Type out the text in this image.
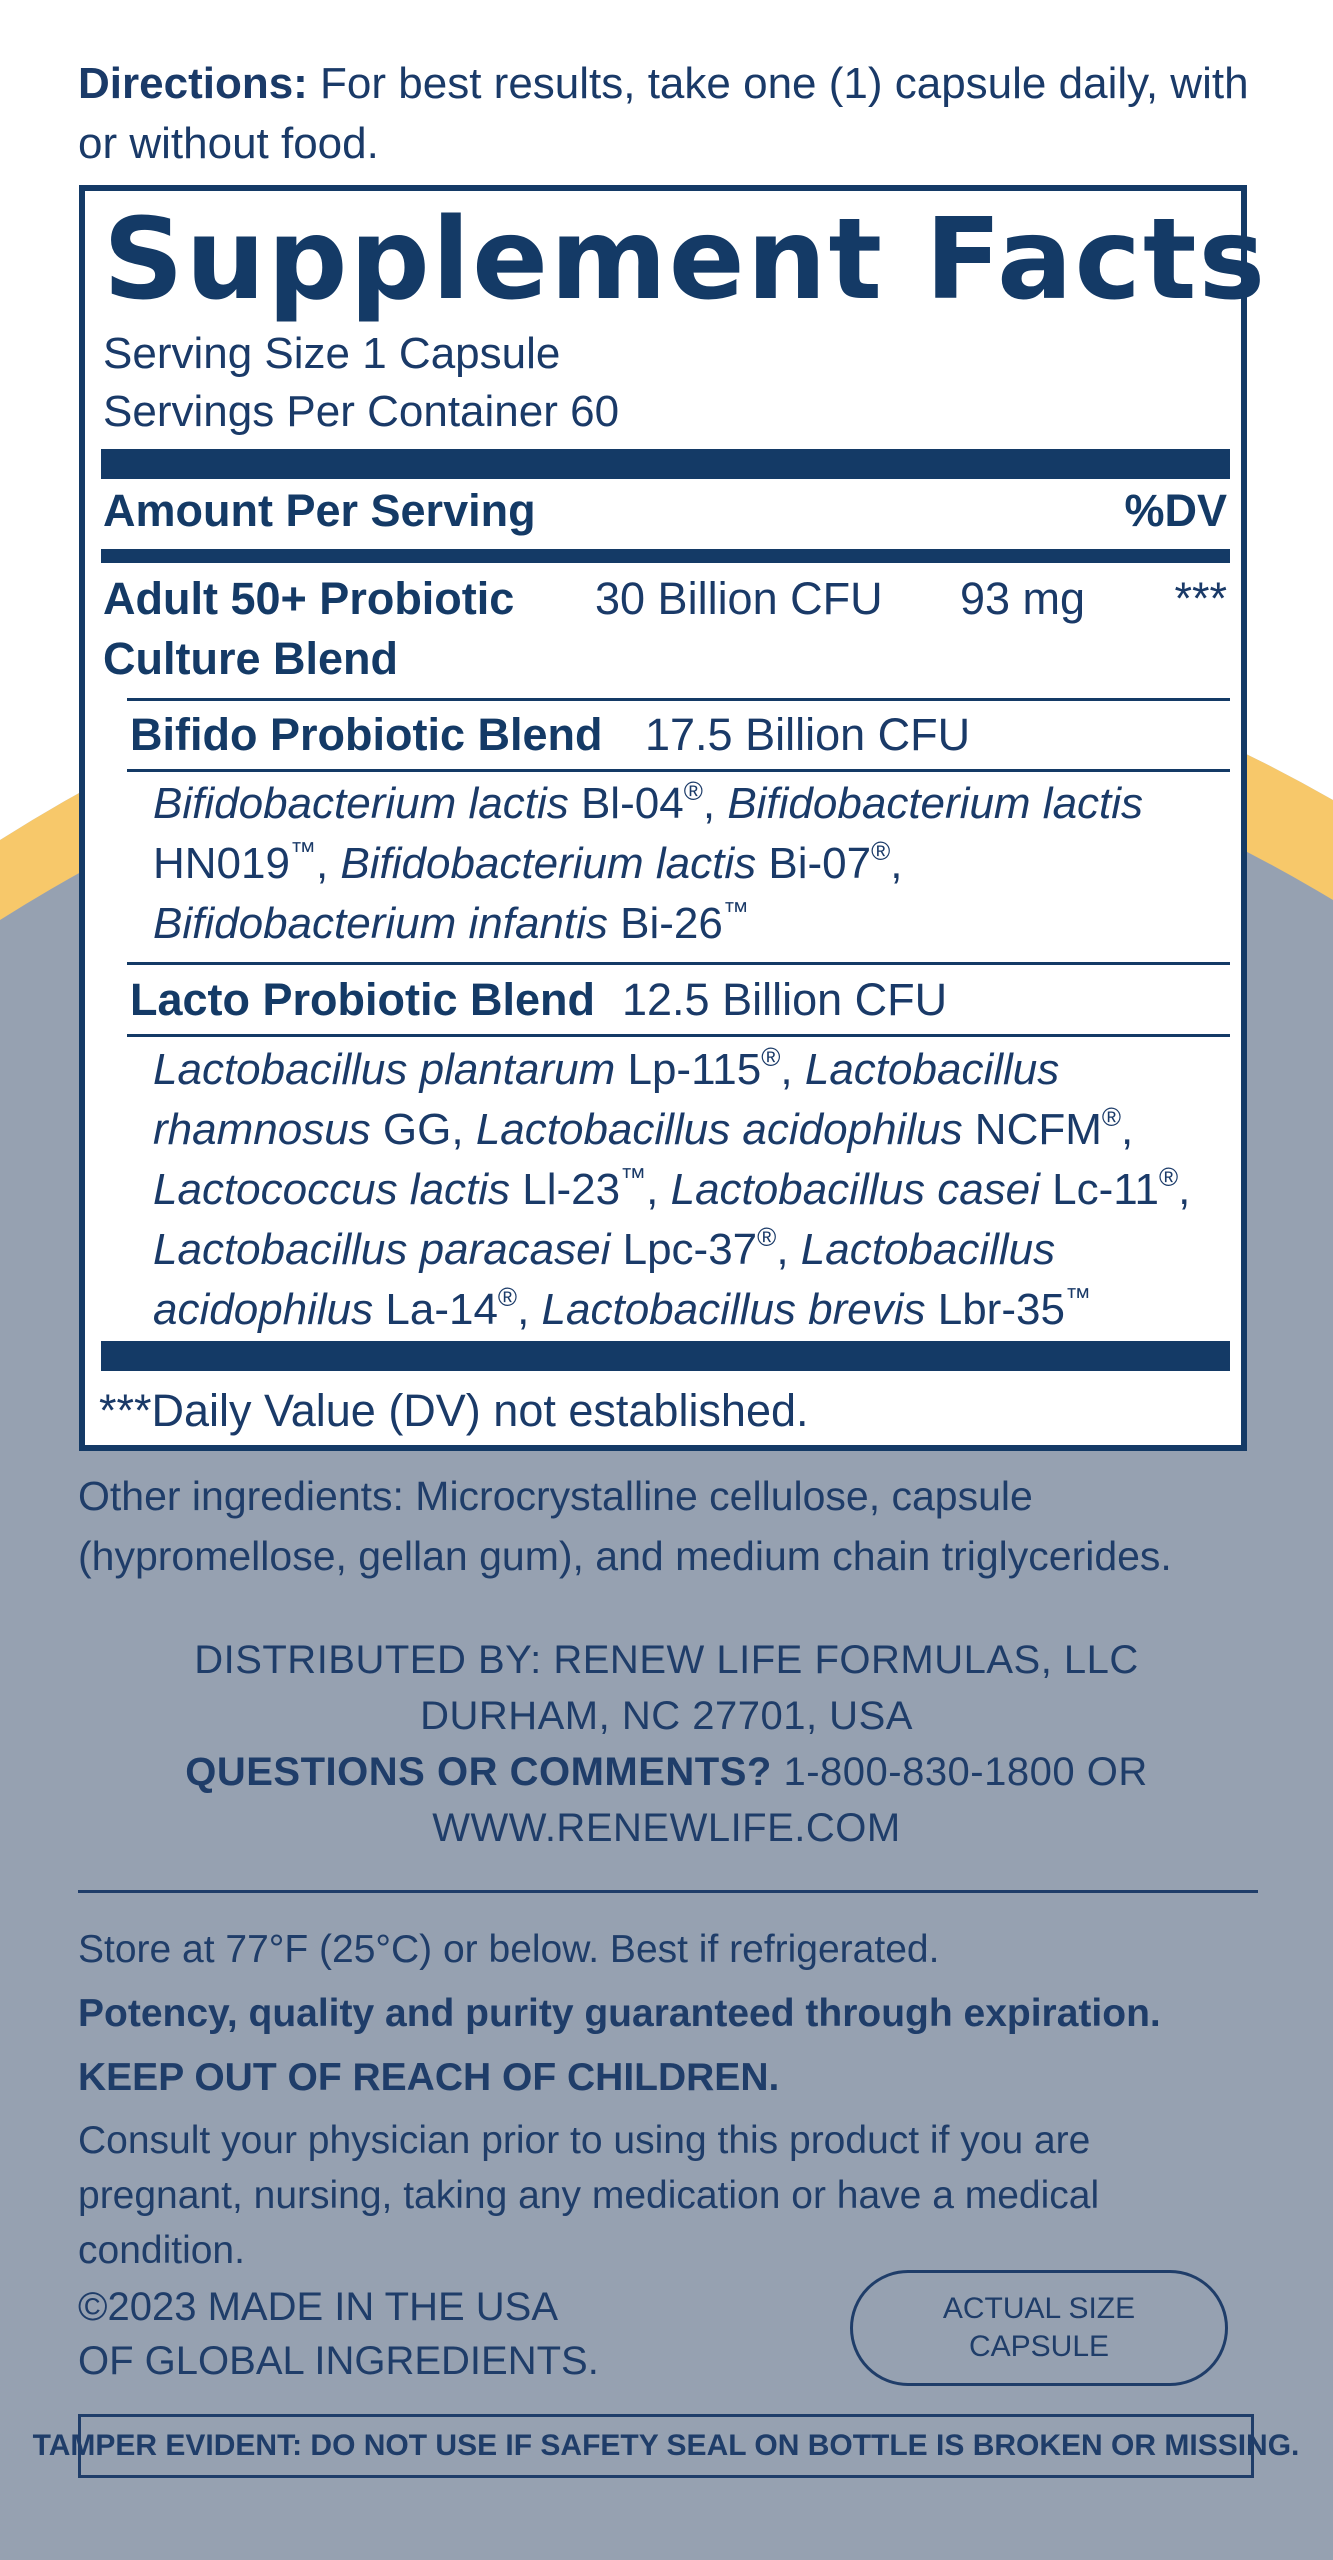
Directions: For best results, take one (1) capsule daily, with or without food.
Supplement Facts
Serving Size 1 Capsule
Servings Per Container 60
Amount Per Serving	%DV
Adult 50+ Probiotic
Culture Blend
30 Billion CFU 93 mg ***
Bifido Probiotic Blend 17.5 Billion CFU
Bifidobacterium lactis Bl-04®, Bifidobacterium lactis HN019™, Bifidobacterium lactis Bi-07®, Bifidobacterium infantis Bi-26™
Lacto Probiotic Blend 12.5 Billion CFU
Lactobacillus plantarum Lp-115®, Lactobacillus rhamnosus GG, Lactobacillus acidophilus NCFM®, Lactococcus lactis Ll-23™, Lactobacillus casei Lc-11®, Lactobacillus paracasei Lpc-37®, Lactobacillus acidophilus La-14®, Lactobacillus brevis Lbr-35™
***Daily Value (DV) not established.
Other ingredients: Microcrystalline cellulose, capsule (hypromellose, gellan gum), and medium chain triglycerides.
DISTRIBUTED BY: RENEW LIFE FORMULAS, LLC
DURHAM, NC 27701, USA
QUESTIONS OR COMMENTS? 1-800-830-1800 OR
WWW.RENEWLIFE.COM
Store at 77°F (25°C) or below. Best if refrigerated.
Potency, quality and purity guaranteed through expiration.
KEEP OUT OF REACH OF CHILDREN.
Consult your physician prior to using this product if you are pregnant, nursing, taking any medication or have a medical condition.
©2023 MADE IN THE USA
OF GLOBAL INGREDIENTS.
ACTUAL SIZE
CAPSULE
TAMPER EVIDENT: DO NOT USE IF SAFETY SEAL ON BOTTLE IS BROKEN OR MISSING.
